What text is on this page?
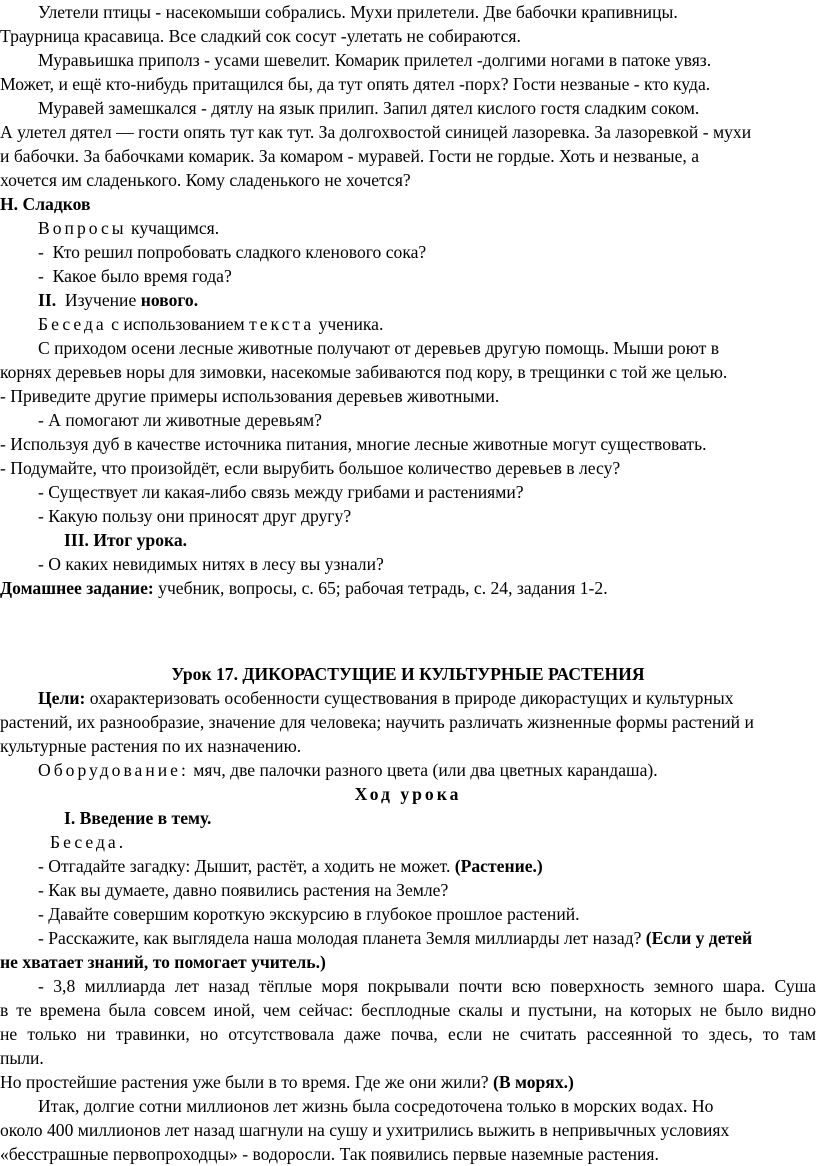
Улетели птицы - насекомыши собрались. Мухи прилетели. Две бабочки крапивницы.
Траурница красавица. Все сладкий сок сосут -улетать не собираются.
Муравьишка приполз - усами шевелит. Комарик прилетел -долгими ногами в патоке увяз.
Может, и ещё кто-нибудь притащился бы, да тут опять дятел -порх? Гости незваные - кто куда.
Муравей замешкался - дятлу на язык прилип. Запил дятел кислого гостя сладким соком.
А улетел дятел — гости опять тут как тут. За долгохвостой синицей лазоревка. За лазоревкой - мухи
и бабочки. За бабочками комарик. За комаром - муравей. Гости не гордые. Хоть и незваные, а
хочется им сладенького. Кому сладенького не хочется?
Н. Сладков
Вопросы кучащимся.
-  Кто решил попробовать сладкого кленового сока?
-  Какое было время года?
II. Изучение нового.
Беседа с использованием текста ученика.
С приходом осени лесные животные получают от деревьев другую помощь. Мыши роют в
корнях деревьев норы для зимовки, насекомые забиваются под кору, в трещинки с той же целью.
- Приведите другие примеры использования деревьев животными.
- А помогают ли животные деревьям?
- Используя дуб в качестве источника питания, многие лесные животные могут существовать.
- Подумайте, что произойдёт, если вырубить большое количество деревьев в лесу?
- Существует ли какая-либо связь между грибами и растениями?
- Какую пользу они приносят друг другу?
III. Итог урока.
- О каких невидимых нитях в лесу вы узнали?
Домашнее задание: учебник, вопросы, с. 65; рабочая тетрадь, с. 24, задания 1-2.
Урок 17. ДИКОРАСТУЩИЕ И КУЛЬТУРНЫЕ РАСТЕНИЯ
Цели: охарактеризовать особенности существования в природе дикорастущих и культурных
растений, их разнообразие, значение для человека; научить различать жизненные формы растений и
культурные растения по их назначению.
Оборудование: мяч, две палочки разного цвета (или два цветных карандаша).
Ход урока
I. Введение в тему.
Беседа.
- Отгадайте загадку: Дышит, растёт, а ходить не может. (Растение.)
- Как вы думаете, давно появились растения на Земле?
- Давайте совершим короткую экскурсию в глубокое прошлое растений.
- Расскажите, как выглядела наша молодая планета Земля миллиарды лет назад? (Если у детей
не хватает знаний, то помогает учитель.)
- 3,8 миллиарда лет назад тёплые моря покрывали почти всю поверхность земного шара. Суша
в те времена была совсем иной, чем сейчас: бесплодные скалы и пустыни, на которых не было видно
не только ни травинки, но отсутствовала даже почва, если не считать рассеянной то здесь, то там
пыли.
Но простейшие растения уже были в то время. Где же они жили? (В морях.)
Итак, долгие сотни миллионов лет жизнь была сосредоточена только в морских водах. Но
около 400 миллионов лет назад шагнули на сушу и ухитрились выжить в непривычных условиях
«бесстрашные первопроходцы» - водоросли. Так появились первые наземные растения.
